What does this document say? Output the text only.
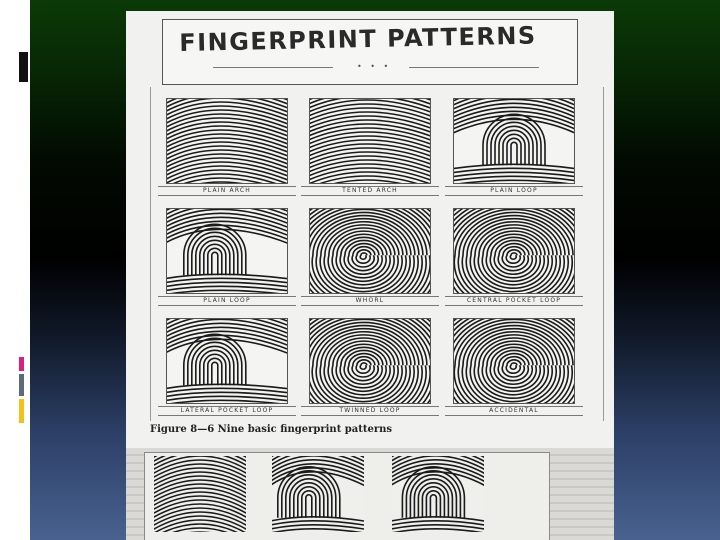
FINGERPRINT PATTERNS
• • •
PLAIN ARCH	TENTED ARCH	PLAIN LOOP
PLAIN LOOP	WHORL	CENTRAL POCKET LOOP
LATERAL POCKET LOOP	TWINNED LOOP	ACCIDENTAL
Figure 8—6 Nine basic fingerprint patterns
